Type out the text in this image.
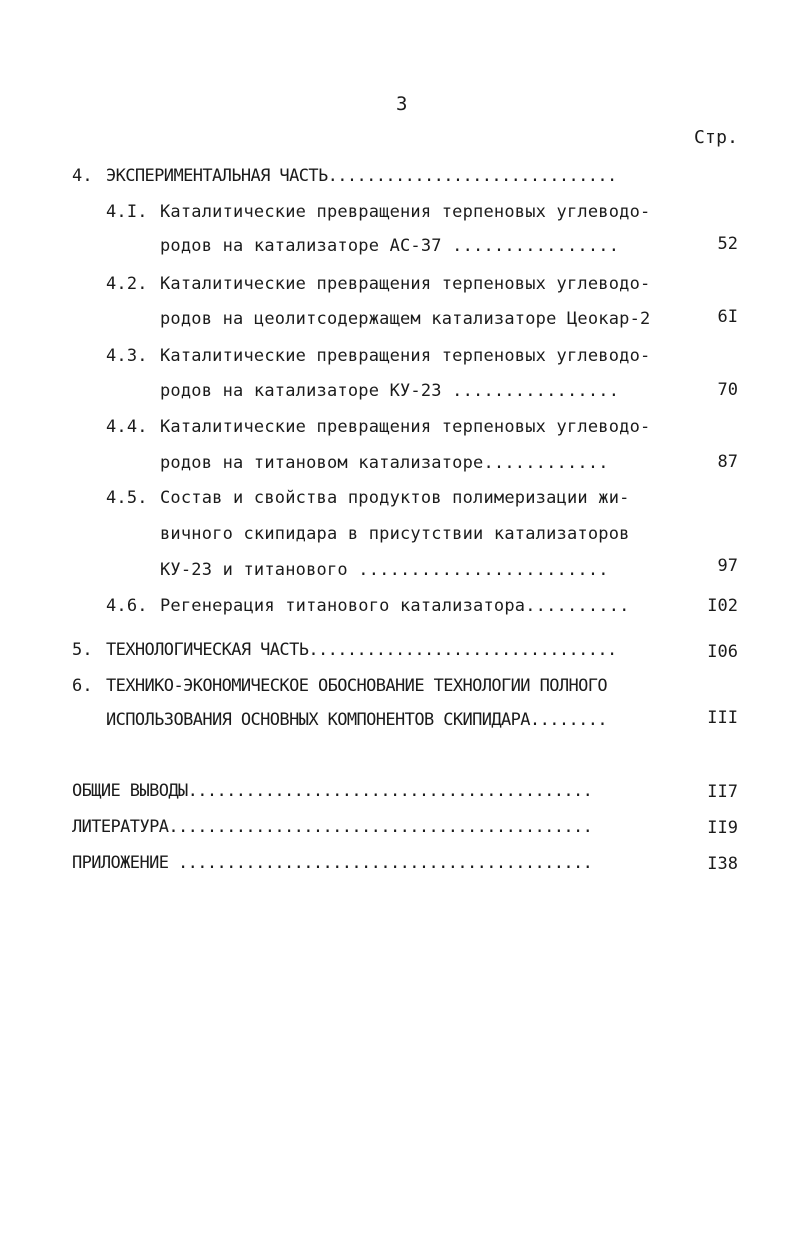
3
Стр.
4. ЭКСПЕРИМЕНТАЛЬНАЯ ЧАСТЬ..............................
4.I. Каталитические превращения терпеновых углеводо-
родов на катализаторе АС-37 ................	52
4.2. Каталитические превращения терпеновых углеводо-
родов на цеолитсодержащем катализаторе Цеокар-2	6I
4.3. Каталитические превращения терпеновых углеводо-
родов на катализаторе КУ-23 ................	70
4.4. Каталитические превращения терпеновых углеводо-
родов на титановом катализаторе............	87
4.5. Состав и свойства продуктов полимеризации жи-
вичного скипидара в присутствии катализаторов
КУ-23 и титанового ........................	97
4.6. Регенерация титанового катализатора..........	I02
5. ТЕХНОЛОГИЧЕСКАЯ ЧАСТЬ................................	I06
6. ТЕХНИКО-ЭКОНОМИЧЕСКОЕ ОБОСНОВАНИЕ ТЕХНОЛОГИИ ПОЛНОГО
ИСПОЛЬЗОВАНИЯ ОСНОВНЫХ КОМПОНЕНТОВ СКИПИДАРА........	III
ОБЩИЕ ВЫВОДЫ..........................................	II7
ЛИТЕРАТУРА............................................	II9
ПРИЛОЖЕНИЕ ...........................................	I38
